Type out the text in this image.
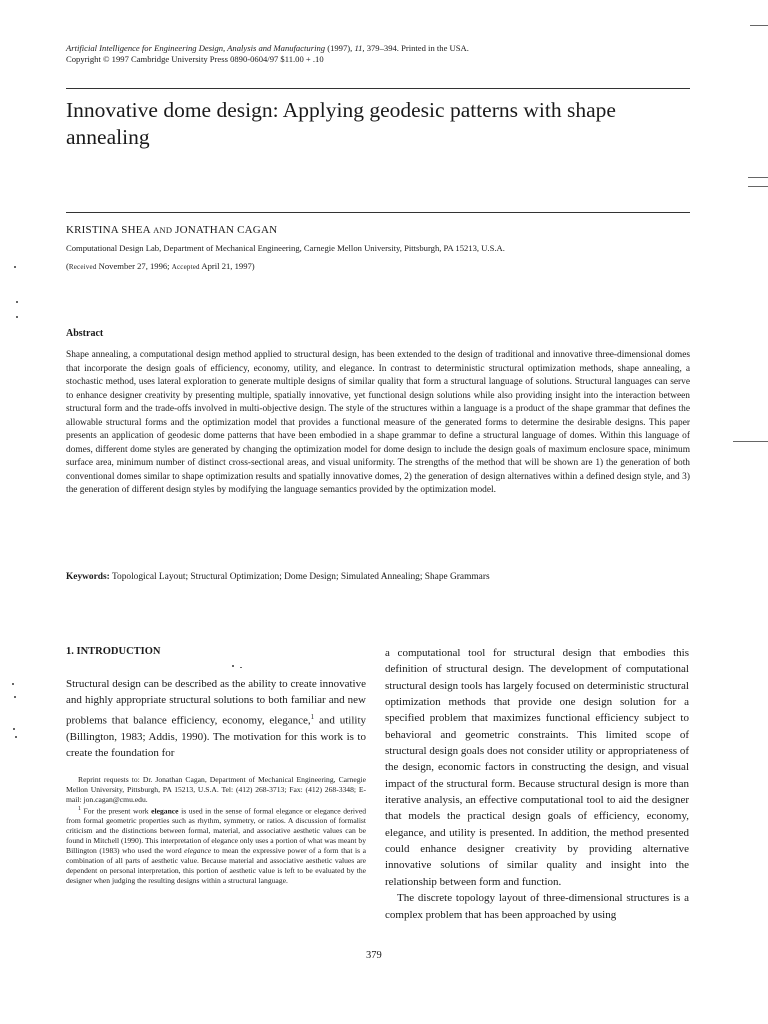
Artificial Intelligence for Engineering Design, Analysis and Manufacturing (1997), 11, 379–394. Printed in the USA.
Copyright © 1997 Cambridge University Press 0890-0604/97 $11.00 + .10
Innovative dome design: Applying geodesic patterns with shape annealing
KRISTINA SHEA AND JONATHAN CAGAN
Computational Design Lab, Department of Mechanical Engineering, Carnegie Mellon University, Pittsburgh, PA 15213, U.S.A.
(Received November 27, 1996; Accepted April 21, 1997)
Abstract

Shape annealing, a computational design method applied to structural design, has been extended to the design of traditional and innovative three-dimensional domes that incorporate the design goals of efficiency, economy, utility, and elegance. In contrast to deterministic structural optimization methods, shape annealing, a stochastic method, uses lateral exploration to generate multiple designs of similar quality that form a structural language of solutions. Structural languages can serve to enhance designer creativity by presenting multiple, spatially innovative, yet functional design solutions while also providing insight into the interaction between structural form and the trade-offs involved in multi-objective design. The style of the structures within a language is a product of the shape grammar that defines the allowable structural forms and the optimization model that provides a functional measure of the generated forms to determine the desirable designs. This paper presents an application of geodesic dome patterns that have been embodied in a shape grammar to define a structural language of domes. Within this language of domes, different dome styles are generated by changing the optimization model for dome design to include the design goals of maximum enclosure space, minimum surface area, minimum number of distinct cross-sectional areas, and visual uniformity. The strengths of the method that will be shown are 1) the generation of both conventional domes similar to shape optimization results and spatially innovative domes, 2) the generation of design alternatives within a defined design style, and 3) the generation of different design styles by modifying the language semantics provided by the optimization model.

Keywords: Topological Layout; Structural Optimization; Dome Design; Simulated Annealing; Shape Grammars
1. INTRODUCTION

Structural design can be described as the ability to create innovative and highly appropriate structural solutions to both familiar and new problems that balance efficiency, economy, elegance,$^1$ and utility (Billington, 1983; Addis, 1990). The motivation for this work is to create the foundation for

Reprint requests to: Dr. Jonathan Cagan, Department of Mechanical Engineering, Carnegie Mellon University, Pittsburgh, PA 15213, U.S.A. Tel: (412) 268-3713; Fax: (412) 268-3348; E-mail: jon.cagan@cmu.edu.

$^1$ For the present work elegance is used in the sense of formal elegance or elegance derived from formal geometric properties such as rhythm, symmetry, or ratios. A discussion of formalist criticism and the distinctions between formal, material, and associative aesthetic values can be found in Mitchell (1990). This interpretation of elegance only uses a portion of what was meant by Billington (1983) who used the word elegance to mean the expressive power of a form that is a combination of all parts of aesthetic value. Because material and associative aesthetic values are dependent on personal interpretation, this portion of aesthetic value is left to be evaluated by the designer when judging the resulting designs within a structural language.

a computational tool for structural design that embodies this definition of structural design. The development of computational structural design tools has largely focused on deterministic structural optimization methods that provide one design solution for a specified problem that maximizes functional efficiency subject to behavioral and geometric constraints. This limited scope of structural design goals does not consider utility or appropriateness of the design, economic factors in constructing the design, and visual impact of the structural form. Because structural design is more than iterative analysis, an effective computational tool to aid the designer that models the practical design goals of efficiency, economy, elegance, and utility is presented. In addition, the method presented could enhance designer creativity by providing alternative innovative solutions of similar quality and insight into the relationship between form and function.

The discrete topology layout of three-dimensional structures is a complex problem that has been approached by using

379
